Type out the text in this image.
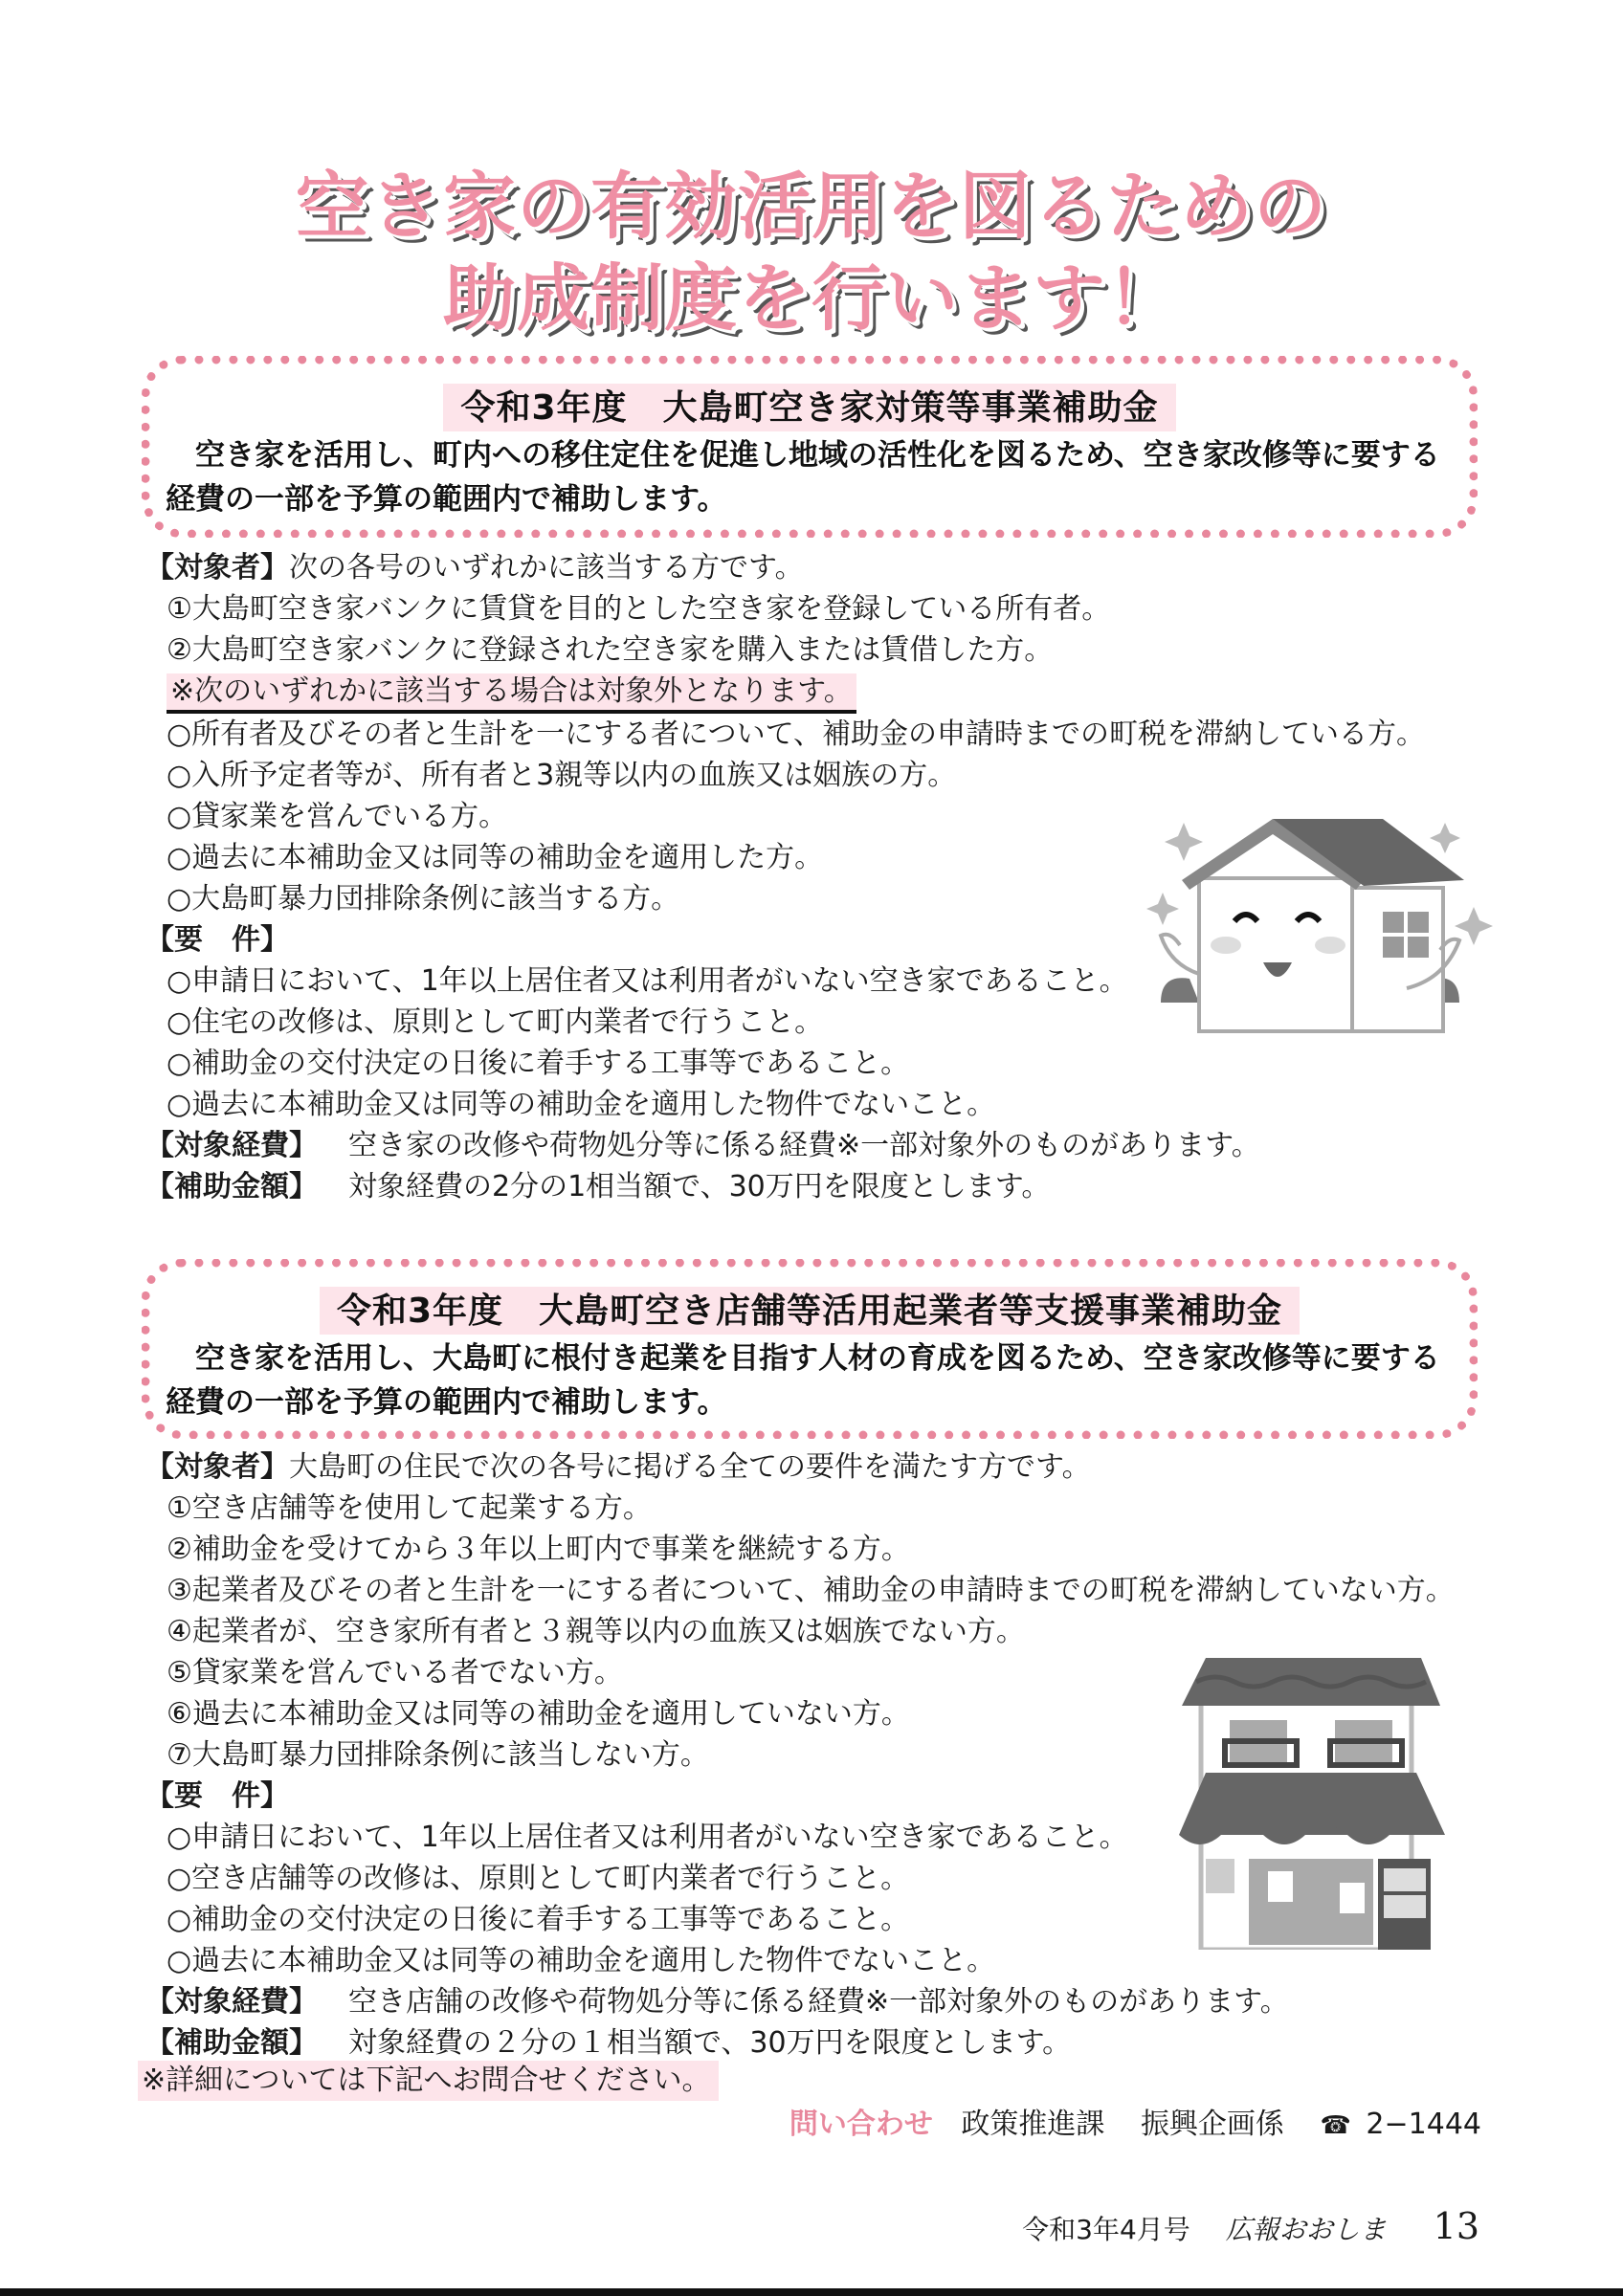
空き家の有効活用を図るための
助成制度を行います！
令和3年度　大島町空き家対策等事業補助金
空き家を活用し、町内への移住定住を促進し地域の活性化を図るため、空き家改修等に要する経費の一部を予算の範囲内で補助します。
【対象者】次の各号のいずれかに該当する方です。
①大島町空き家バンクに賃貸を目的とした空き家を登録している所有者。
②大島町空き家バンクに登録された空き家を購入または賃借した方。
※次のいずれかに該当する場合は対象外となります。
○所有者及びその者と生計を一にする者について、補助金の申請時までの町税を滞納している方。
○入所予定者等が、所有者と3親等以内の血族又は姻族の方。
○貸家業を営んでいる方。
○過去に本補助金又は同等の補助金を適用した方。
○大島町暴力団排除条例に該当する方。
【要　件】
○申請日において、1年以上居住者又は利用者がいない空き家であること。
○住宅の改修は、原則として町内業者で行うこと。
○補助金の交付決定の日後に着手する工事等であること。
○過去に本補助金又は同等の補助金を適用した物件でないこと。
【対象経費】	空き家の改修や荷物処分等に係る経費※一部対象外のものがあります。
【補助金額】	対象経費の2分の1相当額で、30万円を限度とします。
令和3年度　大島町空き店舗等活用起業者等支援事業補助金
空き家を活用し、大島町に根付き起業を目指す人材の育成を図るため、空き家改修等に要する経費の一部を予算の範囲内で補助します。
【対象者】大島町の住民で次の各号に掲げる全ての要件を満たす方です。
①空き店舗等を使用して起業する方。
②補助金を受けてから３年以上町内で事業を継続する方。
③起業者及びその者と生計を一にする者について、補助金の申請時までの町税を滞納していない方。
④起業者が、空き家所有者と３親等以内の血族又は姻族でない方。
⑤貸家業を営んでいる者でない方。
⑥過去に本補助金又は同等の補助金を適用していない方。
⑦大島町暴力団排除条例に該当しない方。
【要　件】
○申請日において、1年以上居住者又は利用者がいない空き家であること。
○空き店舗等の改修は、原則として町内業者で行うこと。
○補助金の交付決定の日後に着手する工事等であること。
○過去に本補助金又は同等の補助金を適用した物件でないこと。
【対象経費】	空き店舗の改修や荷物処分等に係る経費※一部対象外のものがあります。
【補助金額】	対象経費の２分の１相当額で、30万円を限度とします。
※詳細については下記へお問合せください。
問い合わせ 政策推進課 振興企画係 ☎ 2−1444
令和3年4月号 広報おおしま 13
